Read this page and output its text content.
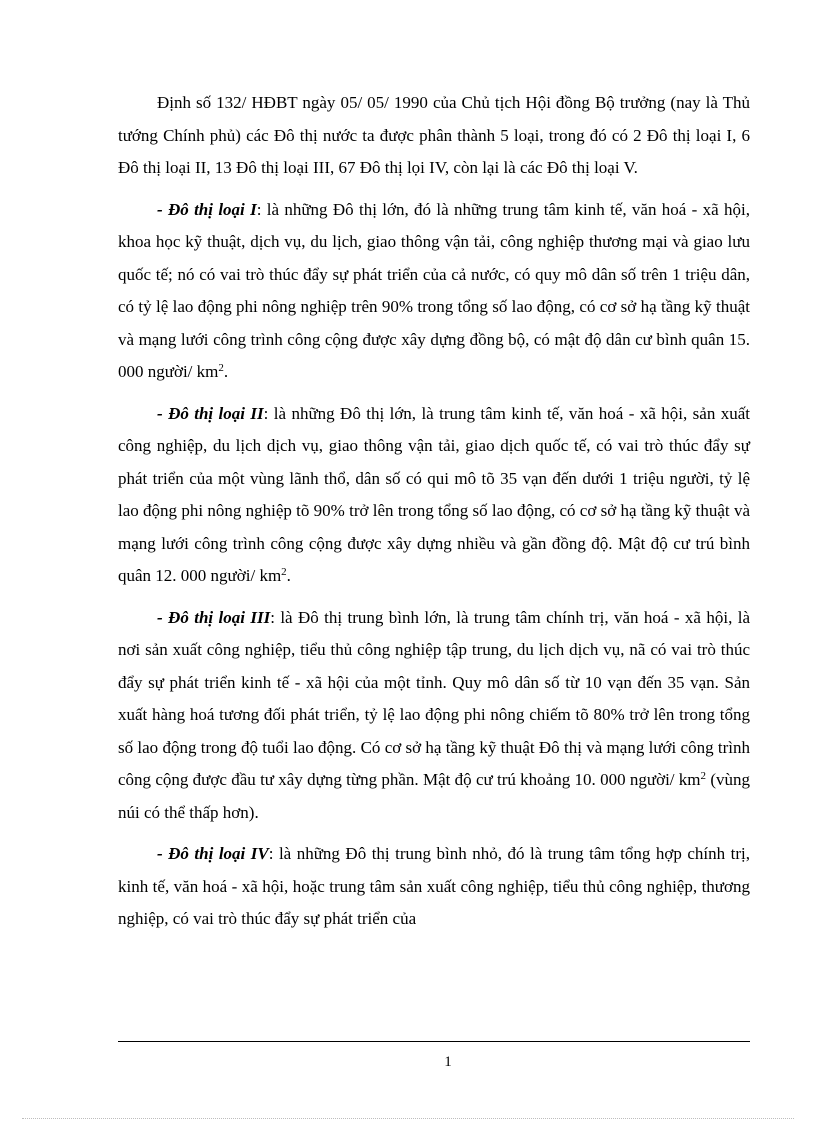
Định số 132/ HĐBT ngày 05/ 05/ 1990 của Chủ tịch Hội đồng Bộ trưởng (nay là Thủ tướng Chính phủ) các Đô thị nước ta được phân thành 5 loại, trong đó có 2 Đô thị loại I, 6 Đô thị loại II, 13 Đô thị loại III, 67 Đô thị lọi IV, còn lại là các Đô thị loại V.

- Đô thị loại I: là những Đô thị lớn, đó là những trung tâm kinh tế, văn hoá - xã hội, khoa học kỹ thuật, dịch vụ, du lịch, giao thông vận tải, công nghiệp thương mại và giao lưu quốc tế; nó có vai trò thúc đẩy sự phát triển của cả nước, có quy mô dân số trên 1 triệu dân, có tỷ lệ lao động phi nông nghiệp trên 90% trong tổng số lao động, có cơ sở hạ tầng kỹ thuật và mạng lưới công trình công cộng được xây dựng đồng bộ, có mật độ dân cư bình quân 15. 000 người/ $km^2$.

- Đô thị loại II: là những Đô thị lớn, là trung tâm kinh tế, văn hoá - xã hội, sản xuất công nghiệp, du lịch dịch vụ, giao thông vận tải, giao dịch quốc tế, có vai trò thúc đẩy sự phát triển của một vùng lãnh thổ, dân số có qui mô tõ 35 vạn đến dưới 1 triệu người, tỷ lệ lao động phi nông nghiệp tõ 90% trở lên trong tổng số lao động, có cơ sở hạ tầng kỹ thuật và mạng lưới công trình công cộng được xây dựng nhiều và gần đồng độ. Mật độ cư trú bình quân 12. 000 người/ $km^2$.

- Đô thị loại III: là Đô thị trung bình lớn, là trung tâm chính trị, văn hoá - xã hội, là nơi sản xuất công nghiệp, tiểu thủ công nghiệp tập trung, du lịch dịch vụ, nã có vai trò thúc đẩy sự phát triển kinh tế - xã hội của một tỉnh. Quy mô dân số từ 10 vạn đến 35 vạn. Sản xuất hàng hoá tương đối phát triển, tỷ lệ lao động phi nông chiếm tõ 80% trở lên trong tổng số lao động trong độ tuổi lao động. Có cơ sở hạ tầng kỹ thuật Đô thị và mạng lưới công trình công cộng được đầu tư xây dựng từng phần. Mật độ cư trú khoảng 10. 000 người/ $km^2$ (vùng núi có thể thấp hơn).

- Đô thị loại IV: là những Đô thị trung bình nhỏ, đó là trung tâm tổng hợp chính trị, kinh tế, văn hoá - xã hội, hoặc trung tâm sản xuất công nghiệp, tiểu thủ công nghiệp, thương nghiệp, có vai trò thúc đẩy sự phát triển của

1
